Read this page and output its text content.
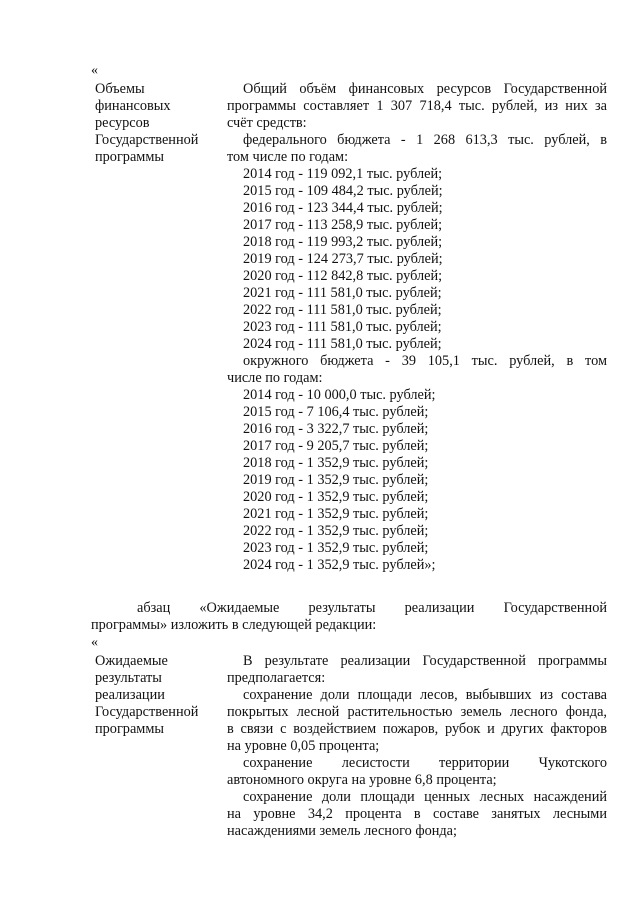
«
Объемы
финансовых
ресурсов
Государственной
программы
Общий объём финансовых ресурсов Государственной
программы составляет 1 307 718,4 тыс. рублей, из них за
счёт средств:
федерального бюджета - 1 268 613,3 тыс. рублей, в
том числе по годам:
2014 год - 119 092,1 тыс. рублей;
2015 год - 109 484,2 тыс. рублей;
2016 год - 123 344,4 тыс. рублей;
2017 год - 113 258,9 тыс. рублей;
2018 год - 119 993,2 тыс. рублей;
2019 год - 124 273,7 тыс. рублей;
2020 год - 112 842,8 тыс. рублей;
2021 год - 111 581,0 тыс. рублей;
2022 год - 111 581,0 тыс. рублей;
2023 год - 111 581,0 тыс. рублей;
2024 год - 111 581,0 тыс. рублей;
окружного бюджета - 39 105,1 тыс. рублей, в том
числе по годам:
2014 год - 10 000,0 тыс. рублей;
2015 год - 7 106,4 тыс. рублей;
2016 год - 3 322,7 тыс. рублей;
2017 год - 9 205,7 тыс. рублей;
2018 год - 1 352,9 тыс. рублей;
2019 год - 1 352,9 тыс. рублей;
2020 год - 1 352,9 тыс. рублей;
2021 год - 1 352,9 тыс. рублей;
2022 год - 1 352,9 тыс. рублей;
2023 год - 1 352,9 тыс. рублей;
2024 год - 1 352,9 тыс. рублей»;
абзац «Ожидаемые результаты реализации Государственной
программы» изложить в следующей редакции:
«
Ожидаемые
результаты
реализации
Государственной
программы
В результате реализации Государственной программы
предполагается:
сохранение доли площади лесов, выбывших из состава
покрытых лесной растительностью земель лесного фонда,
в связи с воздействием пожаров, рубок и других факторов
на уровне 0,05 процента;
сохранение лесистости территории Чукотского
автономного округа на уровне 6,8 процента;
сохранение доли площади ценных лесных насаждений
на уровне 34,2 процента в составе занятых лесными
насаждениями земель лесного фонда;
